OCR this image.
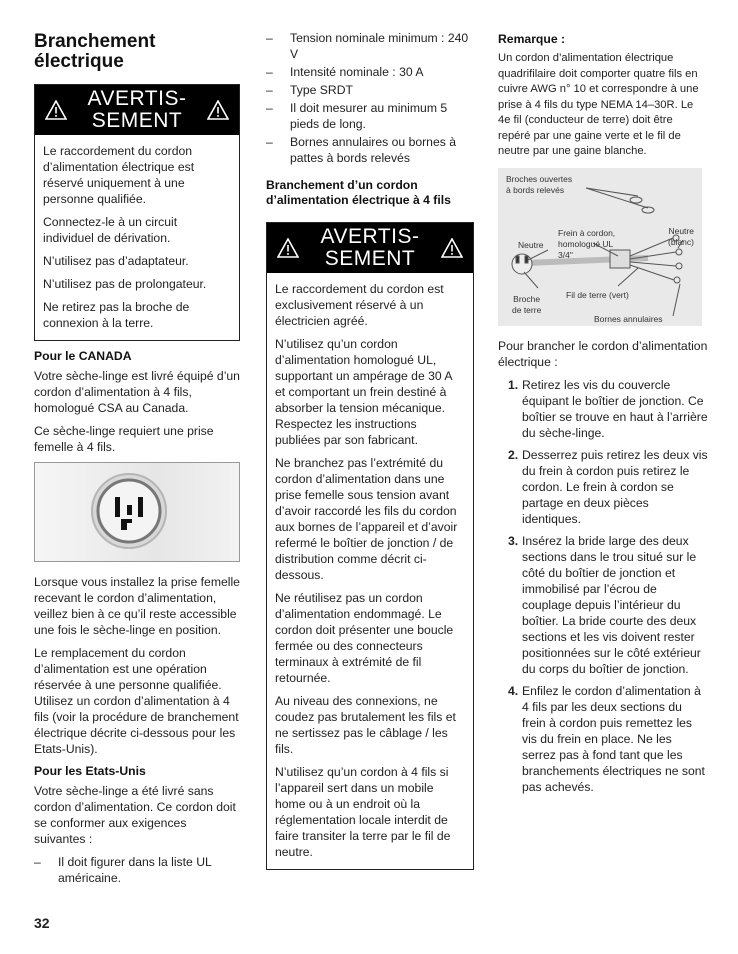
Branchement électrique
AVERTIS-
SEMENT

Le raccordement du cordon d’alimentation électrique est réservé uniquement à une personne qualifiée.

Connectez-le à un circuit individuel de dérivation.

N’utilisez pas d’adaptateur.

N’utilisez pas de prolongateur.

Ne retirez pas la broche de connexion à la terre.

Pour le CANADA

Votre sèche-linge est livré équipé d’un cordon d’alimentation à 4 fils, homologué CSA au Canada.

Ce sèche-linge requiert une prise femelle à 4 fils.

Lorsque vous installez la prise femelle recevant le cordon d’alimentation, veillez bien à ce qu’il reste accessible une fois le sèche-linge en position.

Le remplacement du cordon d’alimentation est une opération réservée à une personne qualifiée. Utilisez un cordon d’alimentation à 4 fils (voir la procédure de branchement électrique décrite ci-dessous pour les Etats-Unis).

Pour les Etats-Unis

Votre sèche-linge a été livré sans cordon d’alimentation. Ce cordon doit se conformer aux exigences suivantes :

– Il doit figurer dans la liste UL américaine.
– Tension nominale minimum : 240 V
– Intensité nominale : 30 A
– Type SRDT
– Il doit mesurer au minimum 5 pieds de long.
– Bornes annulaires ou bornes à pattes à bords relevés
Branchement d’un cordon d’alimentation électrique à 4 fils
AVERTIS-
SEMENT

Le raccordement du cordon est exclusivement réservé à un électricien agréé.

N’utilisez qu’un cordon d’alimentation homologué UL, supportant un ampérage de 30 A et comportant un frein destiné à absorber la tension mécanique. Respectez les instructions publiées par son fabricant.

Ne branchez pas l’extrémité du cordon d’alimentation dans une prise femelle sous tension avant d’avoir raccordé les fils du cordon aux bornes de l’appareil et d’avoir refermé le boîtier de jonction / de distribution comme décrit ci-dessous.

Ne réutilisez pas un cordon d’alimentation endommagé. Le cordon doit présenter une boucle fermée ou des connecteurs terminaux à extrémité de fil retournée.

Au niveau des connexions, ne coudez pas brutalement les fils et ne sertissez pas le câblage / les fils.

N’utilisez qu’un cordon à 4 fils si l’appareil sert dans un mobile home ou à un endroit où la réglementation locale interdit de faire transiter la terre par le fil de neutre.

Remarque :

Un cordon d’alimentation électrique quadrifilaire doit comporter quatre fils en cuivre AWG n° 10 et correspondre à une prise à 4 fils du type NEMA 14–30R. Le 4e fil (conducteur de terre) doit être repéré par une gaine verte et le fil de neutre par une gaine blanche.

Broches ouvertes
à bords relevés
Neutre
Frein à cordon,
homologué UL
3/4"
Neutre
(blanc)
Fil de terre (vert)
Broche
de terre
Bornes annulaires

Pour brancher le cordon d’alimentation électrique :

1. Retirez les vis du couvercle équipant le boîtier de jonction. Ce boîtier se trouve en haut à l’arrière du sèche-linge.
2. Desserrez puis retirez les deux vis du frein à cordon puis retirez le cordon. Le frein à cordon se partage en deux pièces identiques.
3. Insérez la bride large des deux sections dans le trou situé sur le côté du boîtier de jonction et immobilisé par l’écrou de couplage depuis l’intérieur du boîtier. La bride courte des deux sections et les vis doivent rester positionnées sur le côté extérieur du corps du boîtier de jonction.
4. Enfilez le cordon d’alimentation à 4 fils par les deux sections du frein à cordon puis remettez les vis du frein en place. Ne les serrez pas à fond tant que les branchements électriques ne sont pas achevés.
32
